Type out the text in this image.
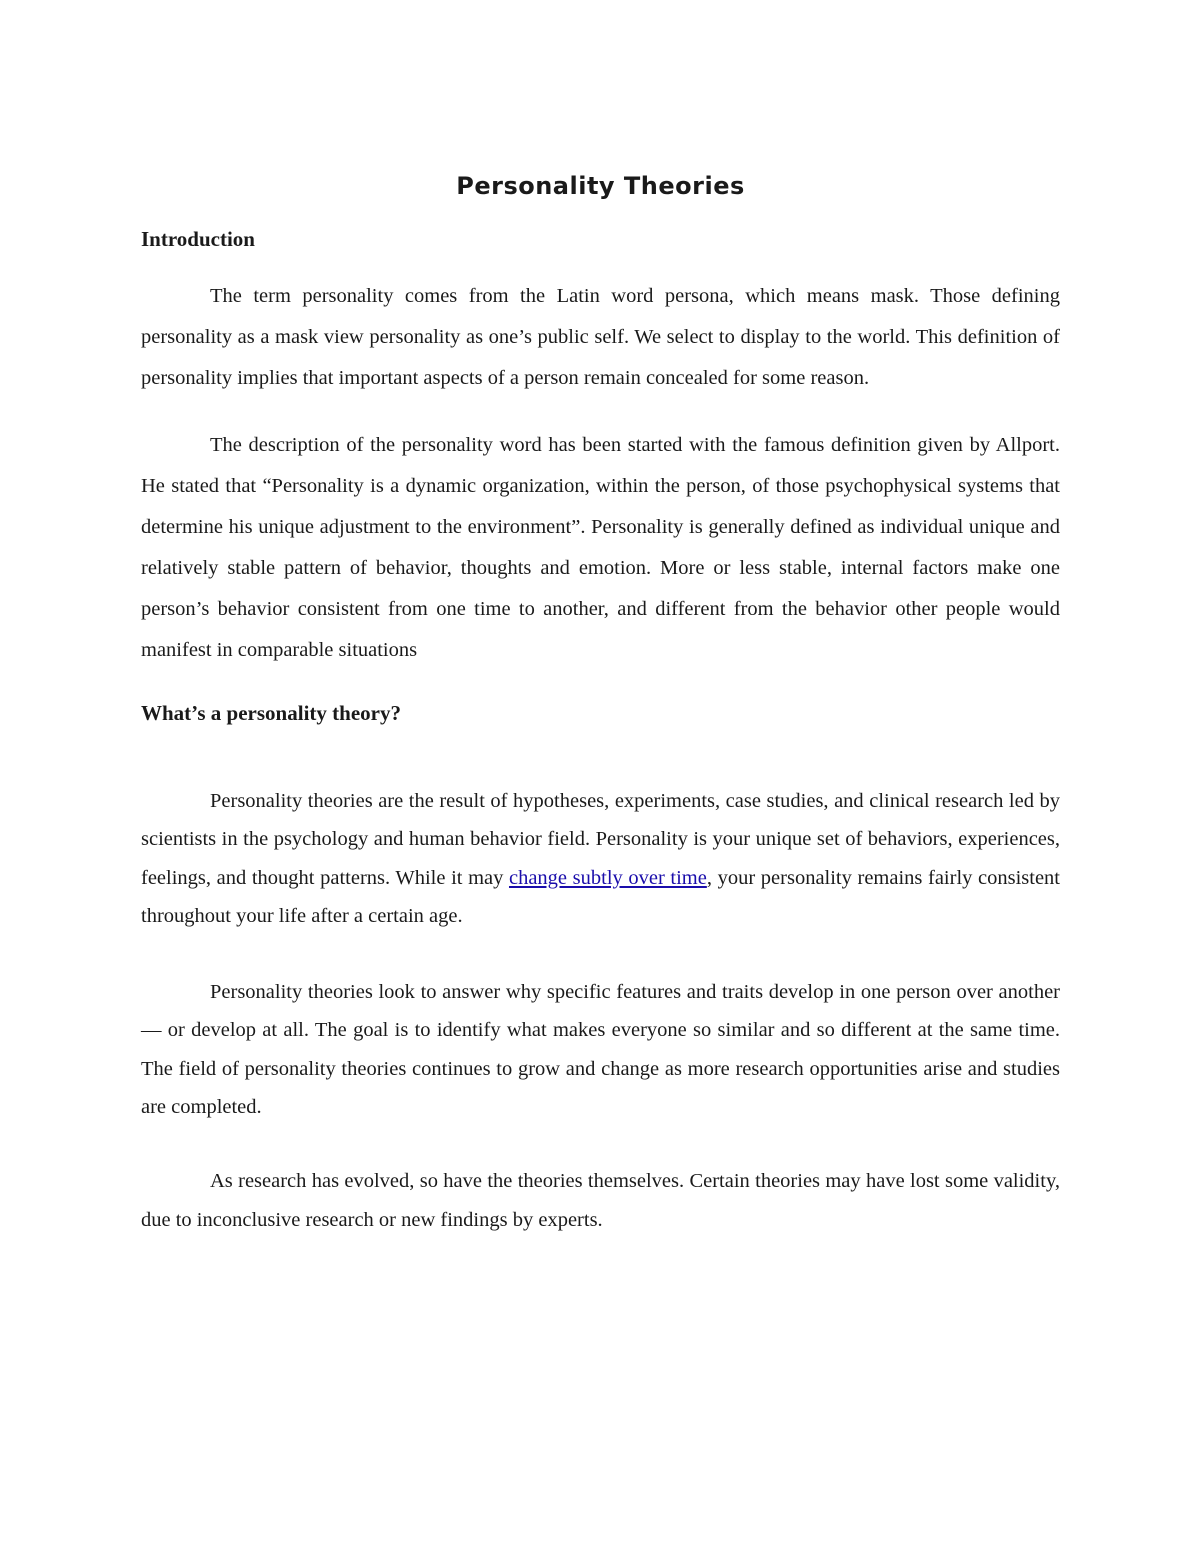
Personality Theories
Introduction

The term personality comes from the Latin word persona, which means mask. Those defining personality as a mask view personality as one’s public self. We select to display to the world. This definition of personality implies that important aspects of a person remain concealed for some reason.

The description of the personality word has been started with the famous definition given by Allport. He stated that “Personality is a dynamic organization, within the person, of those psychophysical systems that determine his unique adjustment to the environment”. Personality is generally defined as individual unique and relatively stable pattern of behavior, thoughts and emotion. More or less stable, internal factors make one person’s behavior consistent from one time to another, and different from the behavior other people would manifest in comparable situations

What’s a personality theory?

Personality theories are the result of hypotheses, experiments, case studies, and clinical research led by scientists in the psychology and human behavior field. Personality is your unique set of behaviors, experiences, feelings, and thought patterns. While it may change subtly over time, your personality remains fairly consistent throughout your life after a certain age.

Personality theories look to answer why specific features and traits develop in one person over another — or develop at all. The goal is to identify what makes everyone so similar and so different at the same time. The field of personality theories continues to grow and change as more research opportunities arise and studies are completed.

As research has evolved, so have the theories themselves. Certain theories may have lost some validity, due to inconclusive research or new findings by experts.
